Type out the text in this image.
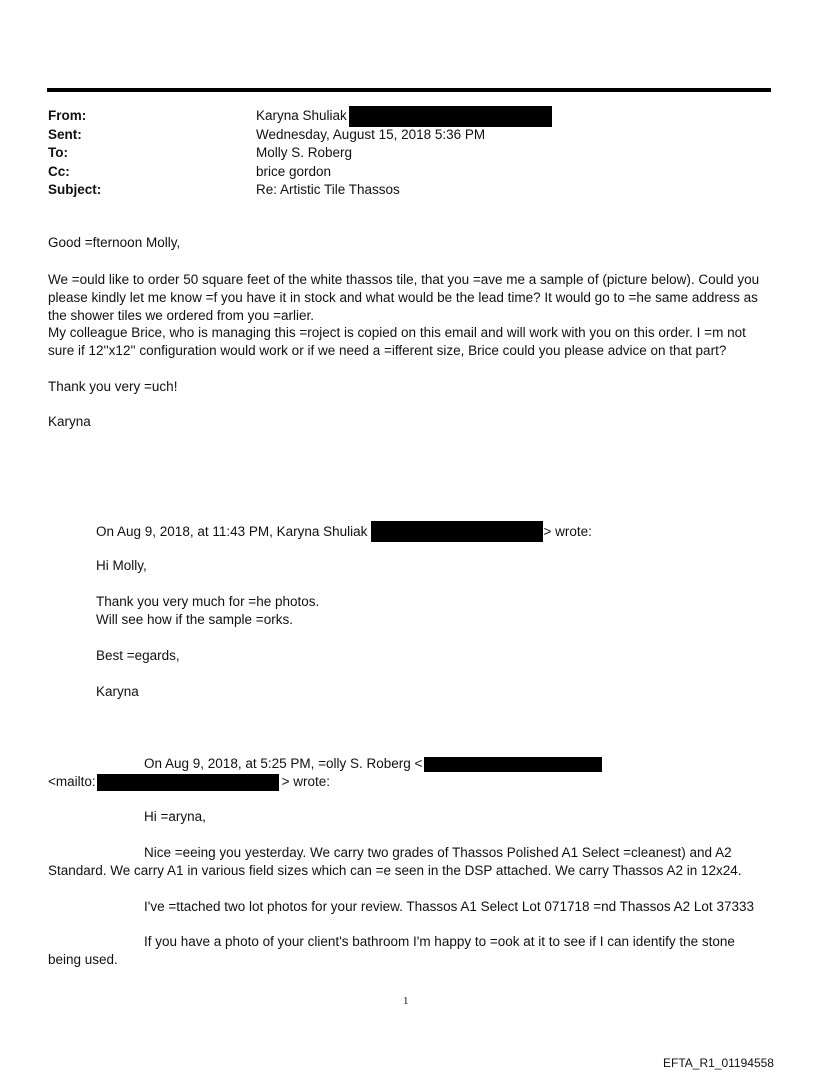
From:	Karyna Shuliak
Sent:	Wednesday, August 15, 2018 5:36 PM
To:	Molly S. Roberg
Cc:	brice gordon
Subject:	Re: Artistic Tile Thassos
Good =fternoon Molly,
We =ould like to order 50 square feet of the white thassos tile, that you =ave me a sample of (picture below). Could you please kindly let me know =f you have it in stock and what would be the lead time? It would go to =he same address as the shower tiles we ordered from you =arlier.
My colleague Brice, who is managing this =roject is copied on this email and will work with you on this order. I =m not sure if 12''x12'' configuration would work or if we need a =ifferent size, Brice could you please advice on that part?
Thank you very =uch!
Karyna
On Aug 9, 2018, at 11:43 PM, Karyna Shuliak	> wrote:
Hi Molly,
Thank you very much for =he photos.
Will see how if the sample =orks.
Best =egards,
Karyna
On Aug 9, 2018, at 5:25 PM, =olly S. Roberg <
<mailto:	> wrote:
Hi =aryna,
Nice =eeing you yesterday. We carry two grades of Thassos Polished A1 Select =cleanest) and A2 Standard. We carry A1 in various field sizes which can =e seen in the DSP attached. We carry Thassos A2 in 12x24.
I've =ttached two lot photos for your review. Thassos A1 Select Lot 071718 =nd Thassos A2 Lot 37333
If you have a photo of your client's bathroom I'm happy to =ook at it to see if I can identify the stone being used.
1
EFTA_R1_01194558
